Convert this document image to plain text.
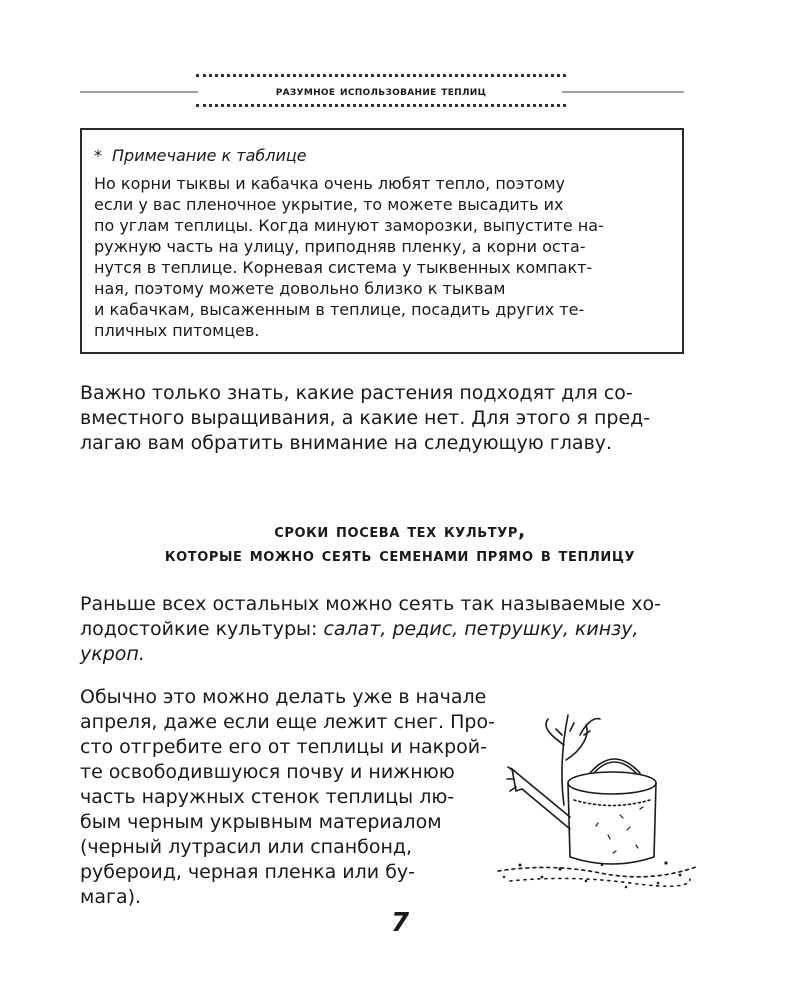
разумное использование теплиц
* Примечание к таблице
Но корни тыквы и кабачка очень любят тепло, поэтому
если у вас пленочное укрытие, то можете высадить их
по углам теплицы. Когда минуют заморозки, выпустите на-
ружную часть на улицу, приподняв пленку, а корни оста-
нутся в теплице. Корневая система у тыквенных компакт-
ная, поэтому можете довольно близко к тыквам
и кабачкам, высаженным в теплице, посадить других те-
пличных питомцев.
Важно только знать, какие растения подходят для со-
вместного выращивания, а какие нет. Для этого я пред-
лагаю вам обратить внимание на следующую главу.
сроки посева тех культур,
которые можно сеять семенами прямо в теплицу
Раньше всех остальных можно сеять так называемые хо-
лодостойкие культуры: салат, редис, петрушку, кинзу,
укроп.
Обычно это можно делать уже в начале
апреля, даже если еще лежит снег. Про-
сто отгребите его от теплицы и накрой-
те освободившуюся почву и нижнюю
часть наружных стенок теплицы лю-
бым черным укрывным материалом
(черный лутрасил или спанбонд,
рубероид, черная пленка или бу-
мага).
7
